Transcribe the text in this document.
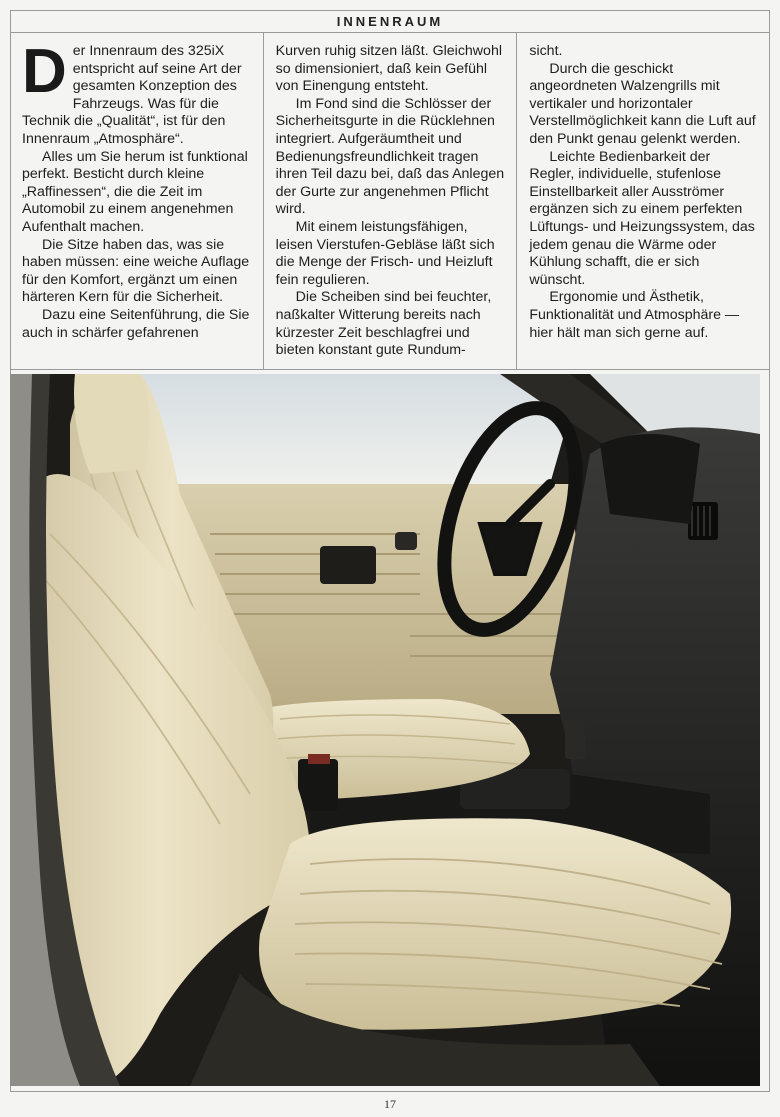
INNENRAUM

Der Innenraum des 325iX entspricht auf seine Art der gesamten Konzeption des Fahrzeugs. Was für die Technik die „Qualität“, ist für den Innenraum „Atmosphäre“.

Alles um Sie herum ist funktional perfekt. Besticht durch kleine „Raffinessen“, die die Zeit im Automobil zu einem angenehmen Aufenthalt machen.

Die Sitze haben das, was sie haben müssen: eine weiche Auflage für den Komfort, ergänzt um einen härteren Kern für die Sicherheit.

Dazu eine Seitenführung, die Sie auch in schärfer gefahrenen

Kurven ruhig sitzen läßt. Gleichwohl so dimensioniert, daß kein Gefühl von Einengung entsteht.

Im Fond sind die Schlösser der Sicherheitsgurte in die Rücklehnen integriert. Aufgeräumtheit und Bedienungsfreundlichkeit tragen ihren Teil dazu bei, daß das Anlegen der Gurte zur angenehmen Pflicht wird.

Mit einem leistungsfähigen, leisen Vierstufen-Gebläse läßt sich die Menge der Frisch- und Heizluft fein regulieren.

Die Scheiben sind bei feuchter, naßkalter Witterung bereits nach kürzester Zeit beschlagfrei und bieten konstant gute Rundum-

sicht.

Durch die geschickt angeordneten Walzengrills mit vertikaler und horizontaler Verstellmöglichkeit kann die Luft auf den Punkt genau gelenkt werden.

Leichte Bedienbarkeit der Regler, individuelle, stufenlose Einstellbarkeit aller Ausströmer ergänzen sich zu einem perfekten Lüftungs- und Heizungssystem, das jedem genau die Wärme oder Kühlung schafft, die er sich wünscht.

Ergonomie und Ästhetik, Funktionalität und Atmosphäre — hier hält man sich gerne auf.

17
